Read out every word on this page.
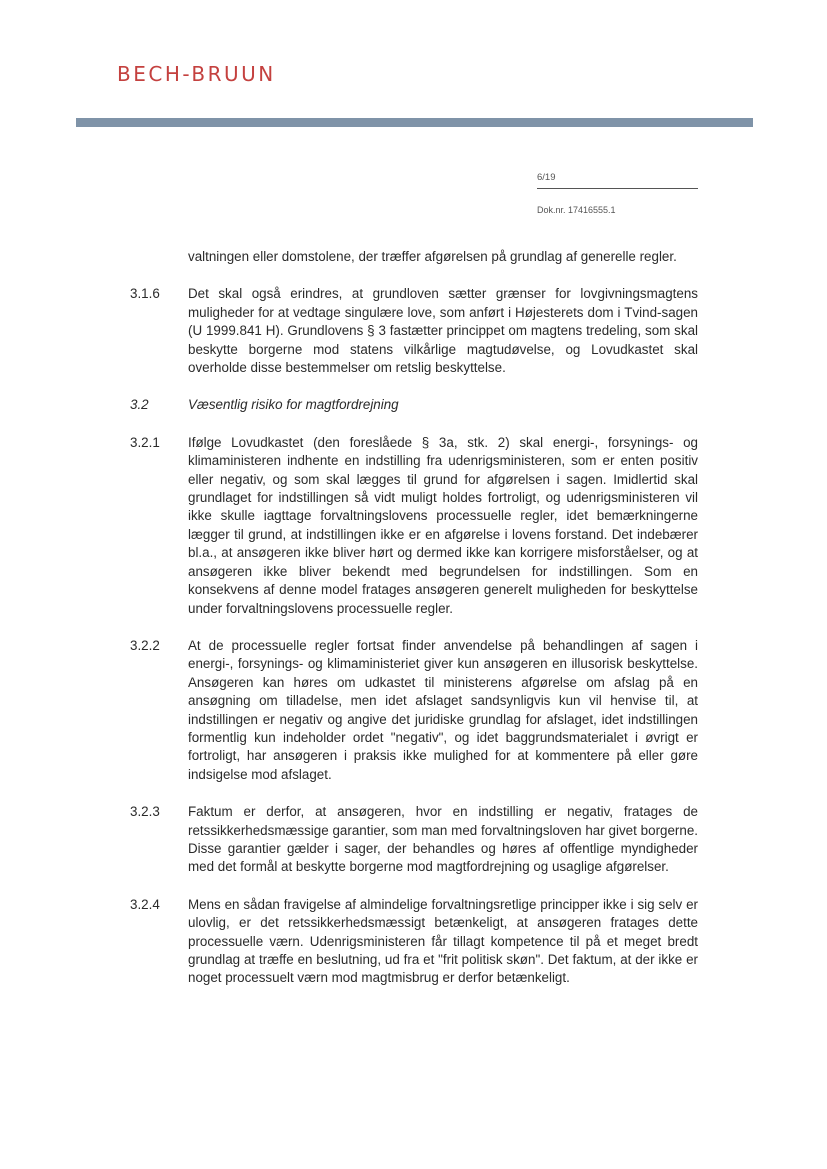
BECH-BRUUN
6/19
Dok.nr. 17416555.1
valtningen eller domstolene, der træffer afgørelsen på grundlag af generelle regler.
3.1.6	Det skal også erindres, at grundloven sætter grænser for lovgivningsmagtens muligheder for at vedtage singulære love, som anført i Højesterets dom i Tvind-sagen (U 1999.841 H). Grundlovens § 3 fastætter princippet om magtens tredeling, som skal beskytte borgerne mod statens vilkårlige magtudøvelse, og Lovudkastet skal overholde disse bestemmelser om retslig beskyttelse.
3.2	Væsentlig risiko for magtfordrejning
3.2.1	Ifølge Lovudkastet (den foreslåede § 3a, stk. 2) skal energi-, forsynings- og klimaministeren indhente en indstilling fra udenrigsministeren, som er enten positiv eller negativ, og som skal lægges til grund for afgørelsen i sagen. Imidlertid skal grundlaget for indstillingen så vidt muligt holdes fortroligt, og udenrigsministeren vil ikke skulle iagttage forvaltningslovens processuelle regler, idet bemærkningerne lægger til grund, at indstillingen ikke er en afgørelse i lovens forstand. Det indebærer bl.a., at ansøgeren ikke bliver hørt og dermed ikke kan korrigere misforståelser, og at ansøgeren ikke bliver bekendt med begrundelsen for indstillingen. Som en konsekvens af denne model fratages ansøgeren generelt muligheden for beskyttelse under forvaltningslovens processuelle regler.
3.2.2	At de processuelle regler fortsat finder anvendelse på behandlingen af sagen i energi-, forsynings- og klimaministeriet giver kun ansøgeren en illusorisk beskyttelse. Ansøgeren kan høres om udkastet til ministerens afgørelse om afslag på en ansøgning om tilladelse, men idet afslaget sandsynligvis kun vil henvise til, at indstillingen er negativ og angive det juridiske grundlag for afslaget, idet indstillingen formentlig kun indeholder ordet "negativ", og idet baggrundsmaterialet i øvrigt er fortroligt, har ansøgeren i praksis ikke mulighed for at kommentere på eller gøre indsigelse mod afslaget.
3.2.3	Faktum er derfor, at ansøgeren, hvor en indstilling er negativ, fratages de retssikkerhedsmæssige garantier, som man med forvaltningsloven har givet borgerne. Disse garantier gælder i sager, der behandles og høres af offentlige myndigheder med det formål at beskytte borgerne mod magtfordrejning og usaglige afgørelser.
3.2.4	Mens en sådan fravigelse af almindelige forvaltningsretlige principper ikke i sig selv er ulovlig, er det retssikkerhedsmæssigt betænkeligt, at ansøgeren fratages dette processuelle værn. Udenrigsministeren får tillagt kompetence til på et meget bredt grundlag at træffe en beslutning, ud fra et "frit politisk skøn". Det faktum, at der ikke er noget processuelt værn mod magtmisbrug er derfor betænkeligt.
